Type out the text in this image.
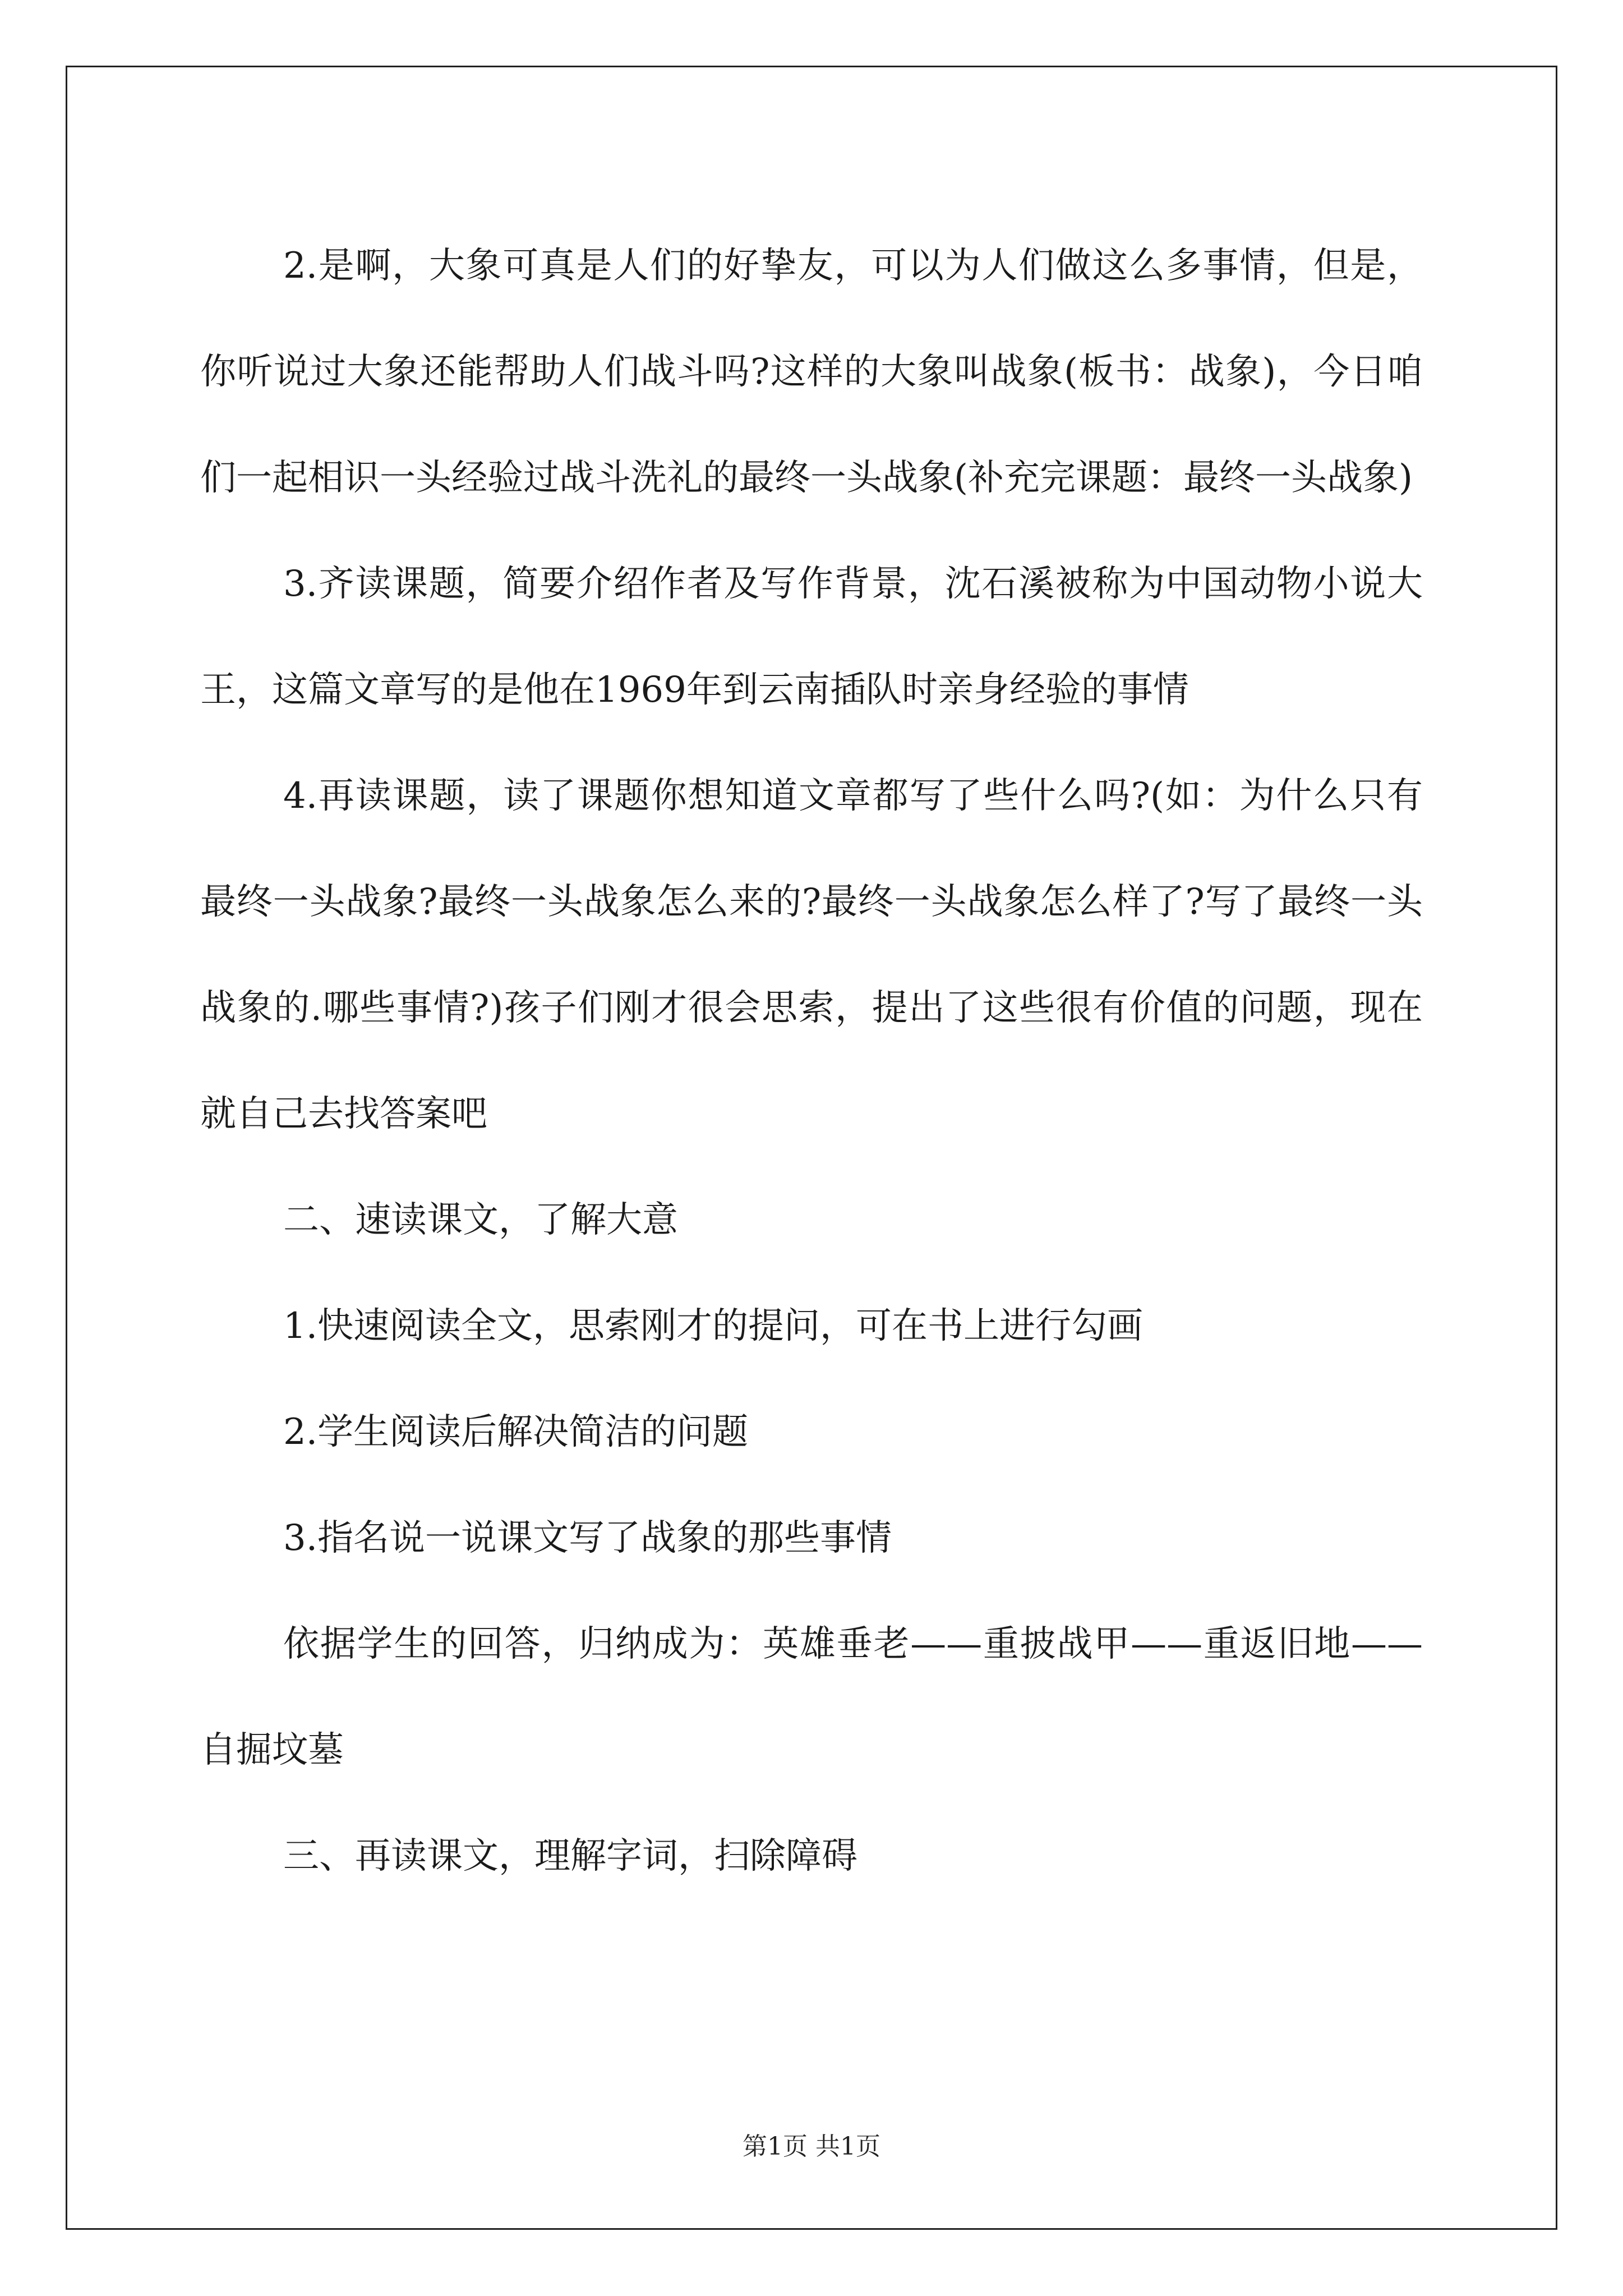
2.是啊，大象可真是人们的好挚友，可以为人们做这么多事情，但是，你听说过大象还能帮助人们战斗吗?这样的大象叫战象(板书：战象)，今日咱们一起相识一头经验过战斗洗礼的最终一头战象(补充完课题：最终一头战象)

3.齐读课题，简要介绍作者及写作背景，沈石溪被称为中国动物小说大王，这篇文章写的是他在1969年到云南插队时亲身经验的事情

4.再读课题，读了课题你想知道文章都写了些什么吗?(如：为什么只有最终一头战象?最终一头战象怎么来的?最终一头战象怎么样了?写了最终一头战象的.哪些事情?)孩子们刚才很会思索，提出了这些很有价值的问题，现在就自己去找答案吧

二、速读课文，了解大意

1.快速阅读全文，思索刚才的提问，可在书上进行勾画

2.学生阅读后解决简洁的问题

3.指名说一说课文写了战象的那些事情

依据学生的回答，归纳成为：英雄垂老——重披战甲——重返旧地——自掘坟墓

三、再读课文，理解字词，扫除障碍

第1页 共1页
